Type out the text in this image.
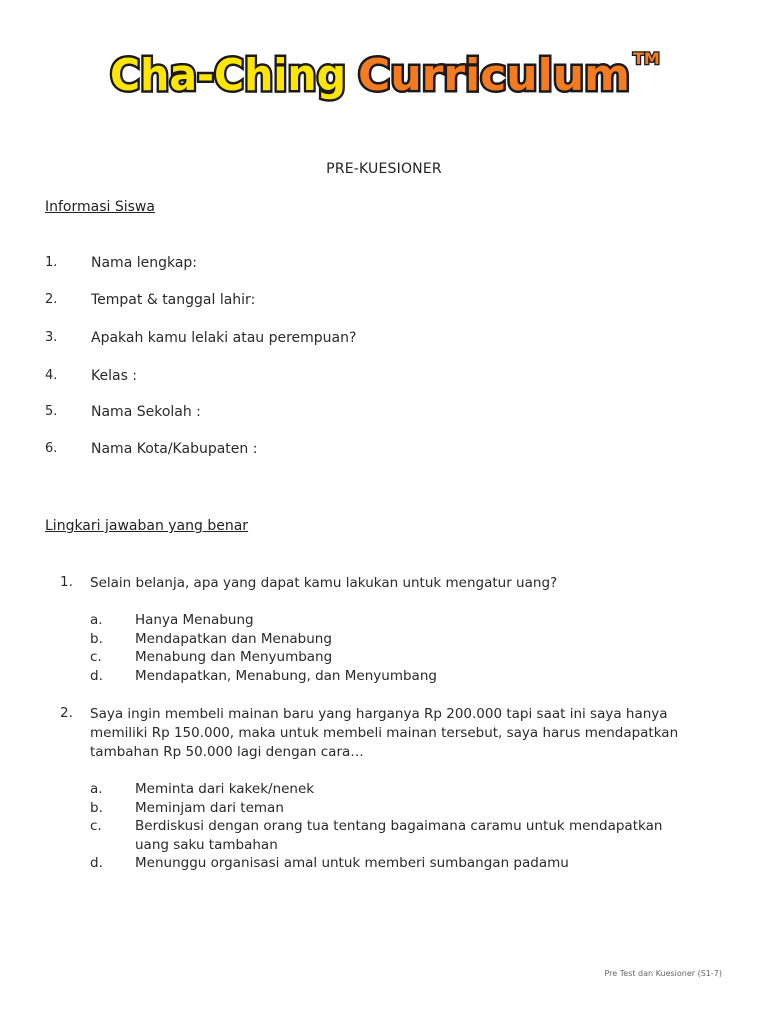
Cha-Ching Curriculum TM
PRE-KUESIONER
Informasi Siswa
1. Nama lengkap:
2. Tempat & tanggal lahir:
3. Apakah kamu lelaki atau perempuan?
4. Kelas :
5. Nama Sekolah :
6. Nama Kota/Kabupaten :
Lingkari jawaban yang benar
1. Selain belanja, apa yang dapat kamu lakukan untuk mengatur uang?
a. Hanya Menabung
b. Mendapatkan dan Menabung
c. Menabung dan Menyumbang
d. Mendapatkan, Menabung, dan Menyumbang
2. Saya ingin membeli mainan baru yang harganya Rp 200.000 tapi saat ini saya hanya memiliki Rp 150.000, maka untuk membeli mainan tersebut, saya harus mendapatkan tambahan Rp 50.000 lagi dengan cara…
a. Meminta dari kakek/nenek
b. Meminjam dari teman
c. Berdiskusi dengan orang tua tentang bagaimana caramu untuk mendapatkan uang saku tambahan
d. Menunggu organisasi amal untuk memberi sumbangan padamu
Pre Test dan Kuesioner (S1-7)
